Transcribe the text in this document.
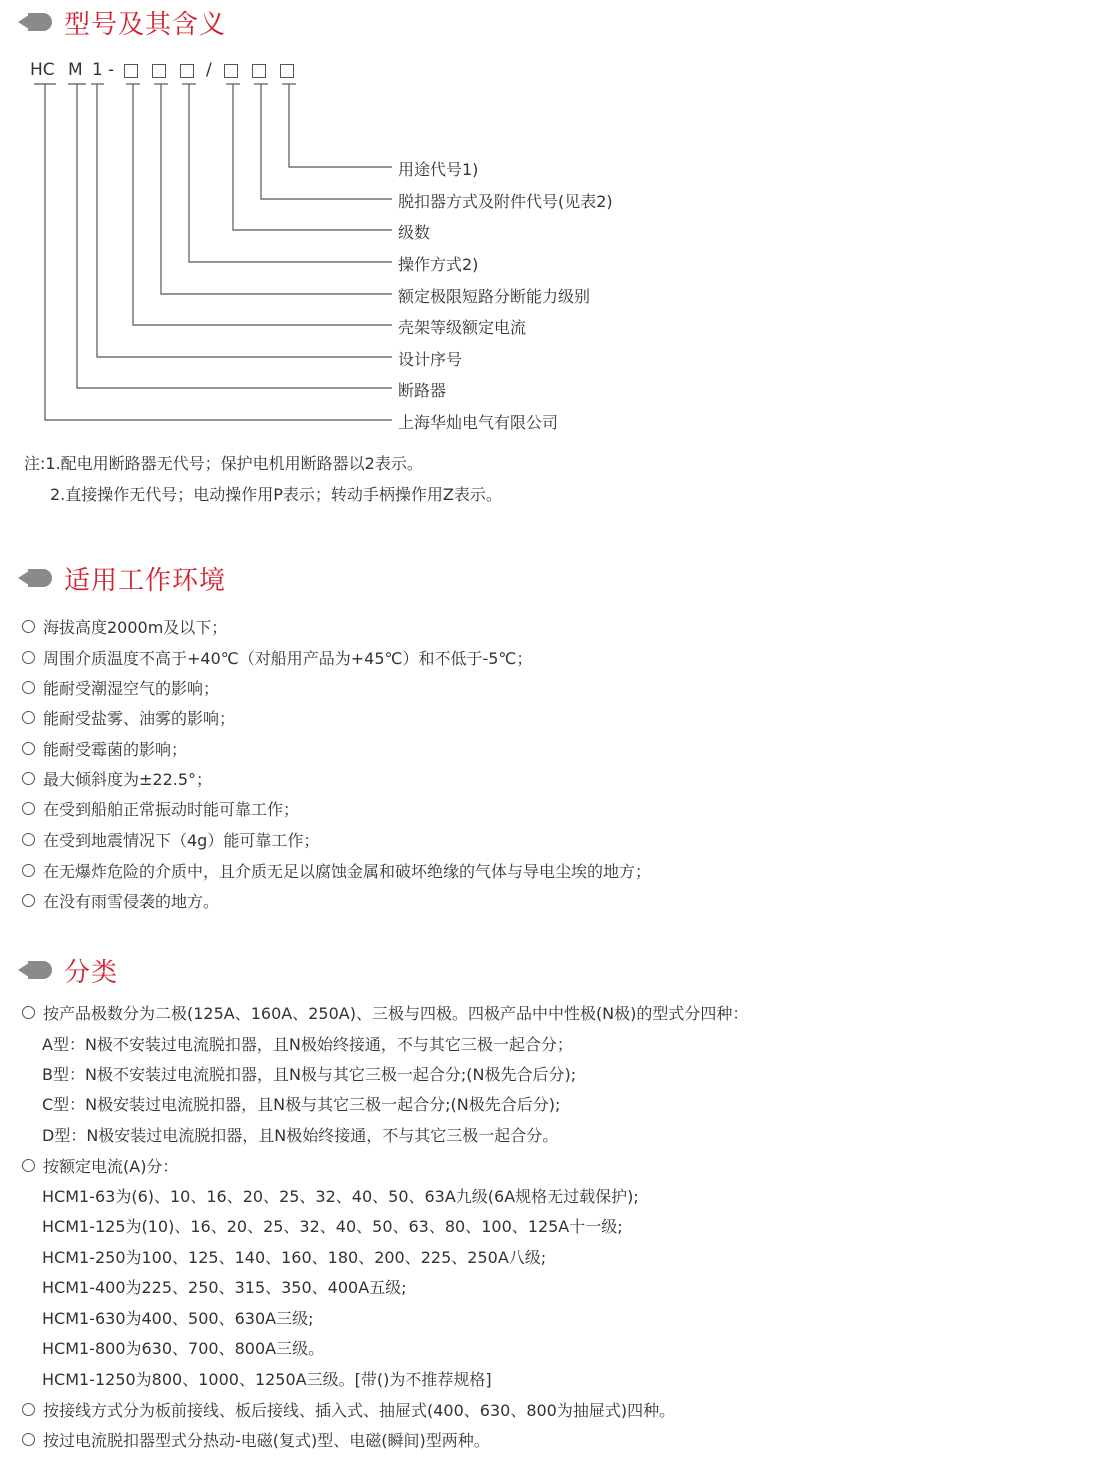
型号及其含义
HC M 1 -	/
用途代号1)
脱扣器方式及附件代号(见表2)
级数
操作方式2)
额定极限短路分断能力级别
壳架等级额定电流
设计序号
断路器
上海华灿电气有限公司
注:1.配电用断路器无代号；保护电机用断路器以2表示。
2.直接操作无代号；电动操作用P表示；转动手柄操作用Z表示。
适用工作环境
海拔高度2000m及以下；
周围介质温度不高于+40℃（对船用产品为+45℃）和不低于-5℃；
能耐受潮湿空气的影响；
能耐受盐雾、油雾的影响；
能耐受霉菌的影响；
最大倾斜度为±22.5°；
在受到船舶正常振动时能可靠工作；
在受到地震情况下（4g）能可靠工作；
在无爆炸危险的介质中，且介质无足以腐蚀金属和破坏绝缘的气体与导电尘埃的地方；
在没有雨雪侵袭的地方。
分类
按产品极数分为二极(125A、160A、250A)、三极与四极。四极产品中中性极(N极)的型式分四种：
A型：N极不安装过电流脱扣器，且N极始终接通，不与其它三极一起合分；
B型：N极不安装过电流脱扣器，且N极与其它三极一起合分;(N极先合后分);
C型：N极安装过电流脱扣器，且N极与其它三极一起合分;(N极先合后分);
D型：N极安装过电流脱扣器，且N极始终接通，不与其它三极一起合分。
按额定电流(A)分：
HCM1-63为(6)、10、16、20、25、32、40、50、63A九级(6A规格无过载保护);
HCM1-125为(10)、16、20、25、32、40、50、63、80、100、125A十一级;
HCM1-250为100、125、140、160、180、200、225、250A八级;
HCM1-400为225、250、315、350、400A五级;
HCM1-630为400、500、630A三级;
HCM1-800为630、700、800A三级。
HCM1-1250为800、1000、1250A三级。[带()为不推荐规格]
按接线方式分为板前接线、板后接线、插入式、抽屉式(400、630、800为抽屉式)四种。
按过电流脱扣器型式分热动-电磁(复式)型、电磁(瞬间)型两种。
